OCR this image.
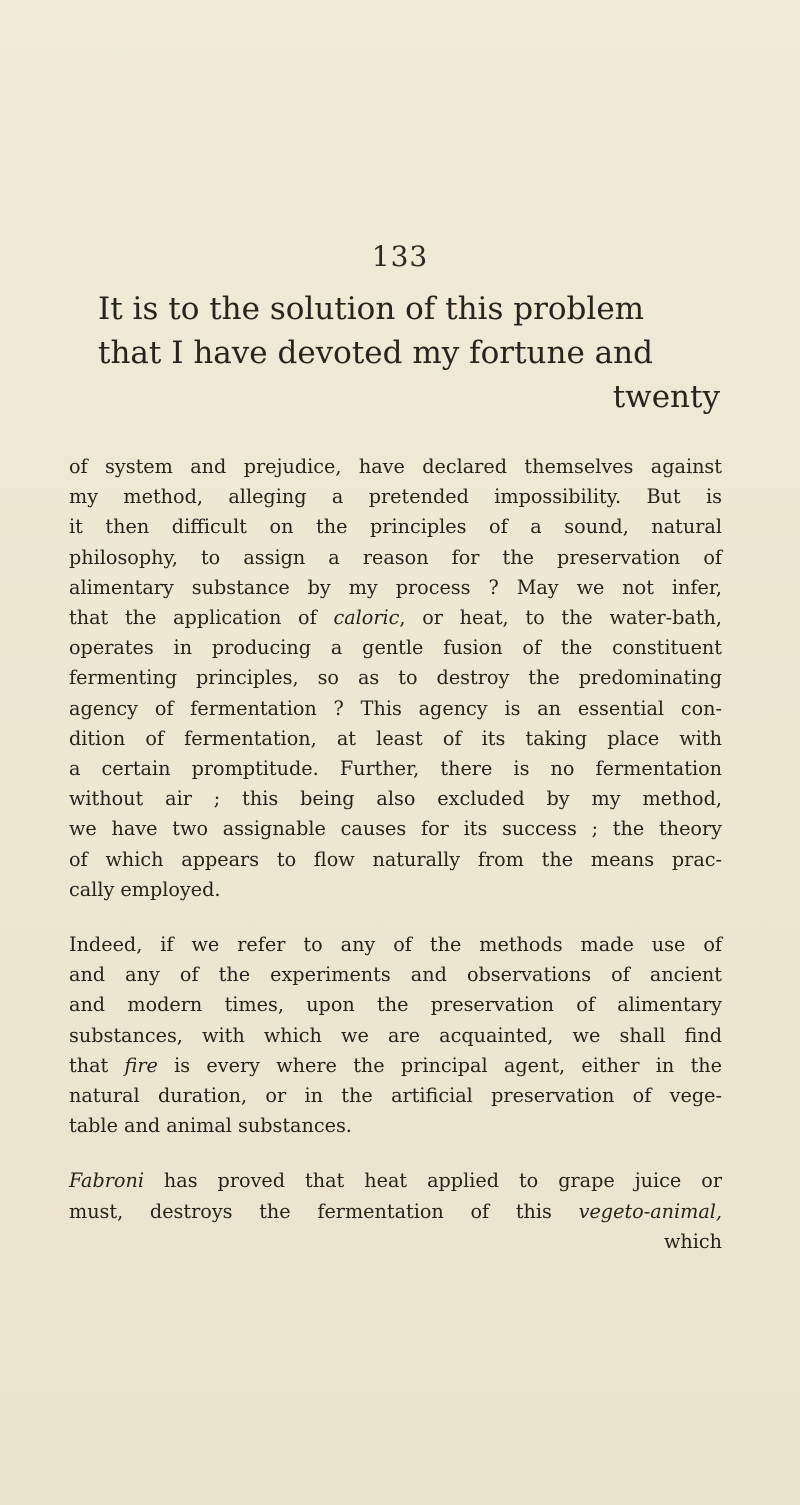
133
It is to the solution of this problem
that I have devoted my fortune and
twenty

of system and prejudice, have declared themselves against
my method, alleging a pretended impossibility. But is
it then difficult on the principles of a sound, natural
philosophy, to assign a reason for the preservation of
alimentary substance by my process ? May we not infer,
that the application of caloric, or heat, to the water-bath,
operates in producing a gentle fusion of the constituent
fermenting principles, so as to destroy the predominating
agency of fermentation ? This agency is an essential con-
dition of fermentation, at least of its taking place with
a certain promptitude. Further, there is no fermentation
without air ; this being also excluded by my method,
we have two assignable causes for its success ; the theory
of which appears to flow naturally from the means prac-
cally employed.

Indeed, if we refer to any of the methods made use of
and any of the experiments and observations of ancient
and modern times, upon the preservation of alimentary
substances, with which we are acquainted, we shall find
that fire is every where the principal agent, either in the
natural duration, or in the artificial preservation of vege-
table and animal substances.

Fabroni has proved that heat applied to grape juice or
must, destroys the fermentation of this vegeto-animal,
which
